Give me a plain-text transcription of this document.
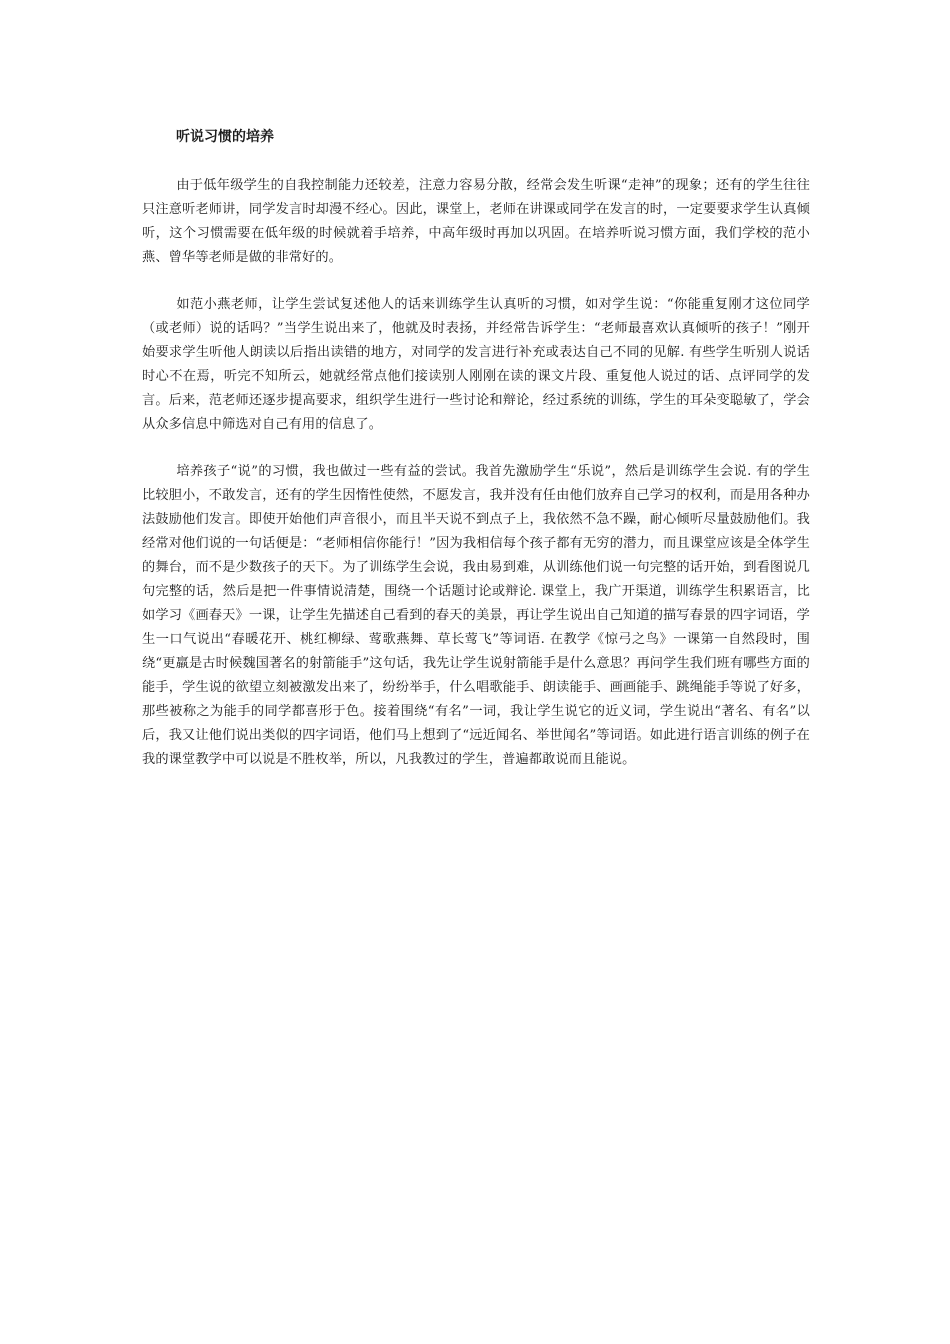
听说习惯的培养

由于低年级学生的自我控制能力还较差，注意力容易分散，经常会发生听课“走神”的现象；还有的学生往往只注意听老师讲，同学发言时却漫不经心。因此，课堂上，老师在讲课或同学在发言的时，一定要要求学生认真倾听，这个习惯需要在低年级的时候就着手培养，中高年级时再加以巩固。在培养听说习惯方面，我们学校的范小燕、曾华等老师是做的非常好的。

如范小燕老师，让学生尝试复述他人的话来训练学生认真听的习惯，如对学生说：“你能重复刚才这位同学（或老师）说的话吗？”当学生说出来了，他就及时表扬，并经常告诉学生：“老师最喜欢认真倾听的孩子！”刚开始要求学生听他人朗读以后指出读错的地方，对同学的发言进行补充或表达自己不同的见解. 有些学生听别人说话时心不在焉，听完不知所云，她就经常点他们接读别人刚刚在读的课文片段、重复他人说过的话、点评同学的发言。后来，范老师还逐步提高要求，组织学生进行一些讨论和辩论，经过系统的训练，学生的耳朵变聪敏了，学会从众多信息中筛选对自己有用的信息了。

培养孩子“说”的习惯，我也做过一些有益的尝试。我首先激励学生“乐说”，然后是训练学生会说. 有的学生比较胆小，不敢发言，还有的学生因惰性使然，不愿发言，我并没有任由他们放弃自己学习的权利，而是用各种办法鼓励他们发言。即使开始他们声音很小，而且半天说不到点子上，我依然不急不躁，耐心倾听尽量鼓励他们。我经常对他们说的一句话便是：“老师相信你能行！”因为我相信每个孩子都有无穷的潜力，而且课堂应该是全体学生的舞台，而不是少数孩子的天下。为了训练学生会说，我由易到难，从训练他们说一句完整的话开始，到看图说几句完整的话，然后是把一件事情说清楚，围绕一个话题讨论或辩论. 课堂上，我广开渠道，训练学生积累语言，比如学习《画春天》一课，让学生先描述自己看到的春天的美景，再让学生说出自己知道的描写春景的四字词语，学生一口气说出“春暖花开、桃红柳绿、莺歌燕舞、草长莺飞”等词语. 在教学《惊弓之鸟》一课第一自然段时，围绕“更羸是古时候魏国著名的射箭能手”这句话，我先让学生说射箭能手是什么意思？再问学生我们班有哪些方面的能手，学生说的欲望立刻被激发出来了，纷纷举手，什么唱歌能手、朗读能手、画画能手、跳绳能手等说了好多，那些被称之为能手的同学都喜形于色。接着围绕“有名”一词，我让学生说它的近义词，学生说出“著名、有名”以后，我又让他们说出类似的四字词语，他们马上想到了“远近闻名、举世闻名”等词语。如此进行语言训练的例子在我的课堂教学中可以说是不胜枚举，所以，凡我教过的学生，普遍都敢说而且能说。
